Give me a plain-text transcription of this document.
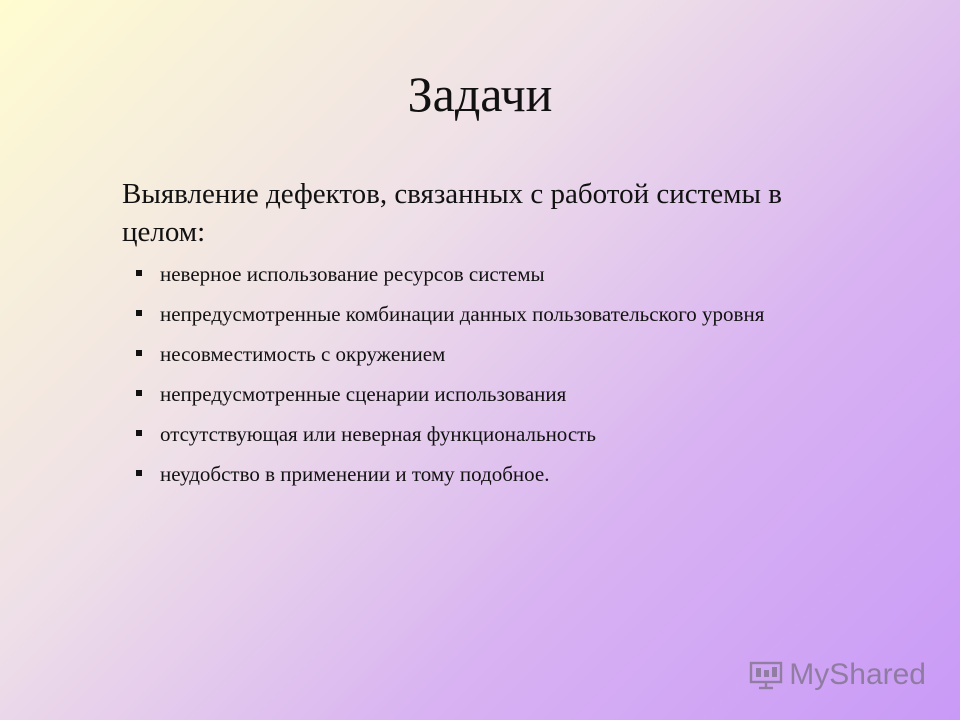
Задачи

Выявление дефектов, связанных с работой системы в целом:

неверное использование ресурсов системы
непредусмотренные комбинации данных пользовательского уровня
несовместимость с окружением
непредусмотренные сценарии использования
отсутствующая или неверная функциональность
неудобство в применении и тому подобное.
MyShared
